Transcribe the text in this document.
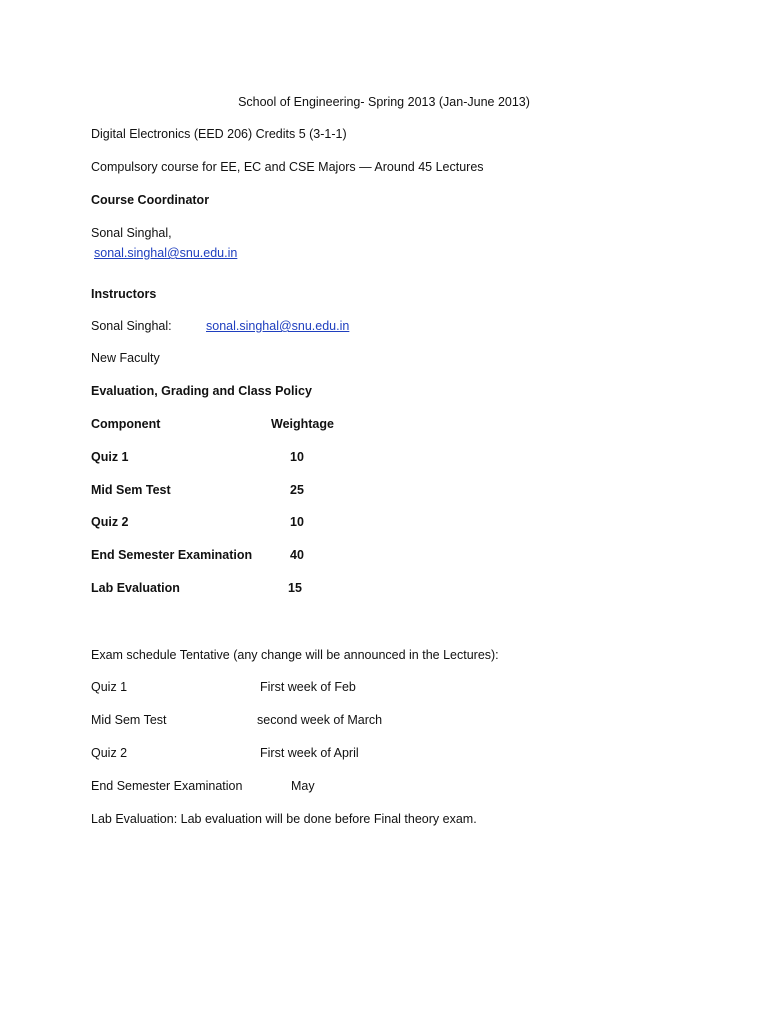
School of Engineering- Spring 2013 (Jan-June 2013)
Digital Electronics (EED 206) Credits 5 (3-1-1)
Compulsory course for EE, EC and CSE Majors — Around 45 Lectures
Course Coordinator
Sonal Singhal,
sonal.singhal@snu.edu.in
Instructors
Sonal Singhal:	sonal.singhal@snu.edu.in
New Faculty
Evaluation, Grading and Class Policy
Component	Weightage
Quiz 1	10
Mid Sem Test	25
Quiz 2	10
End Semester Examination	40
Lab Evaluation	15
Exam schedule Tentative (any change will be announced in the Lectures):
Quiz 1	First week of Feb
Mid Sem Test	second week of March
Quiz 2	First week of April
End Semester Examination	May
Lab Evaluation: Lab evaluation will be done before Final theory exam.
